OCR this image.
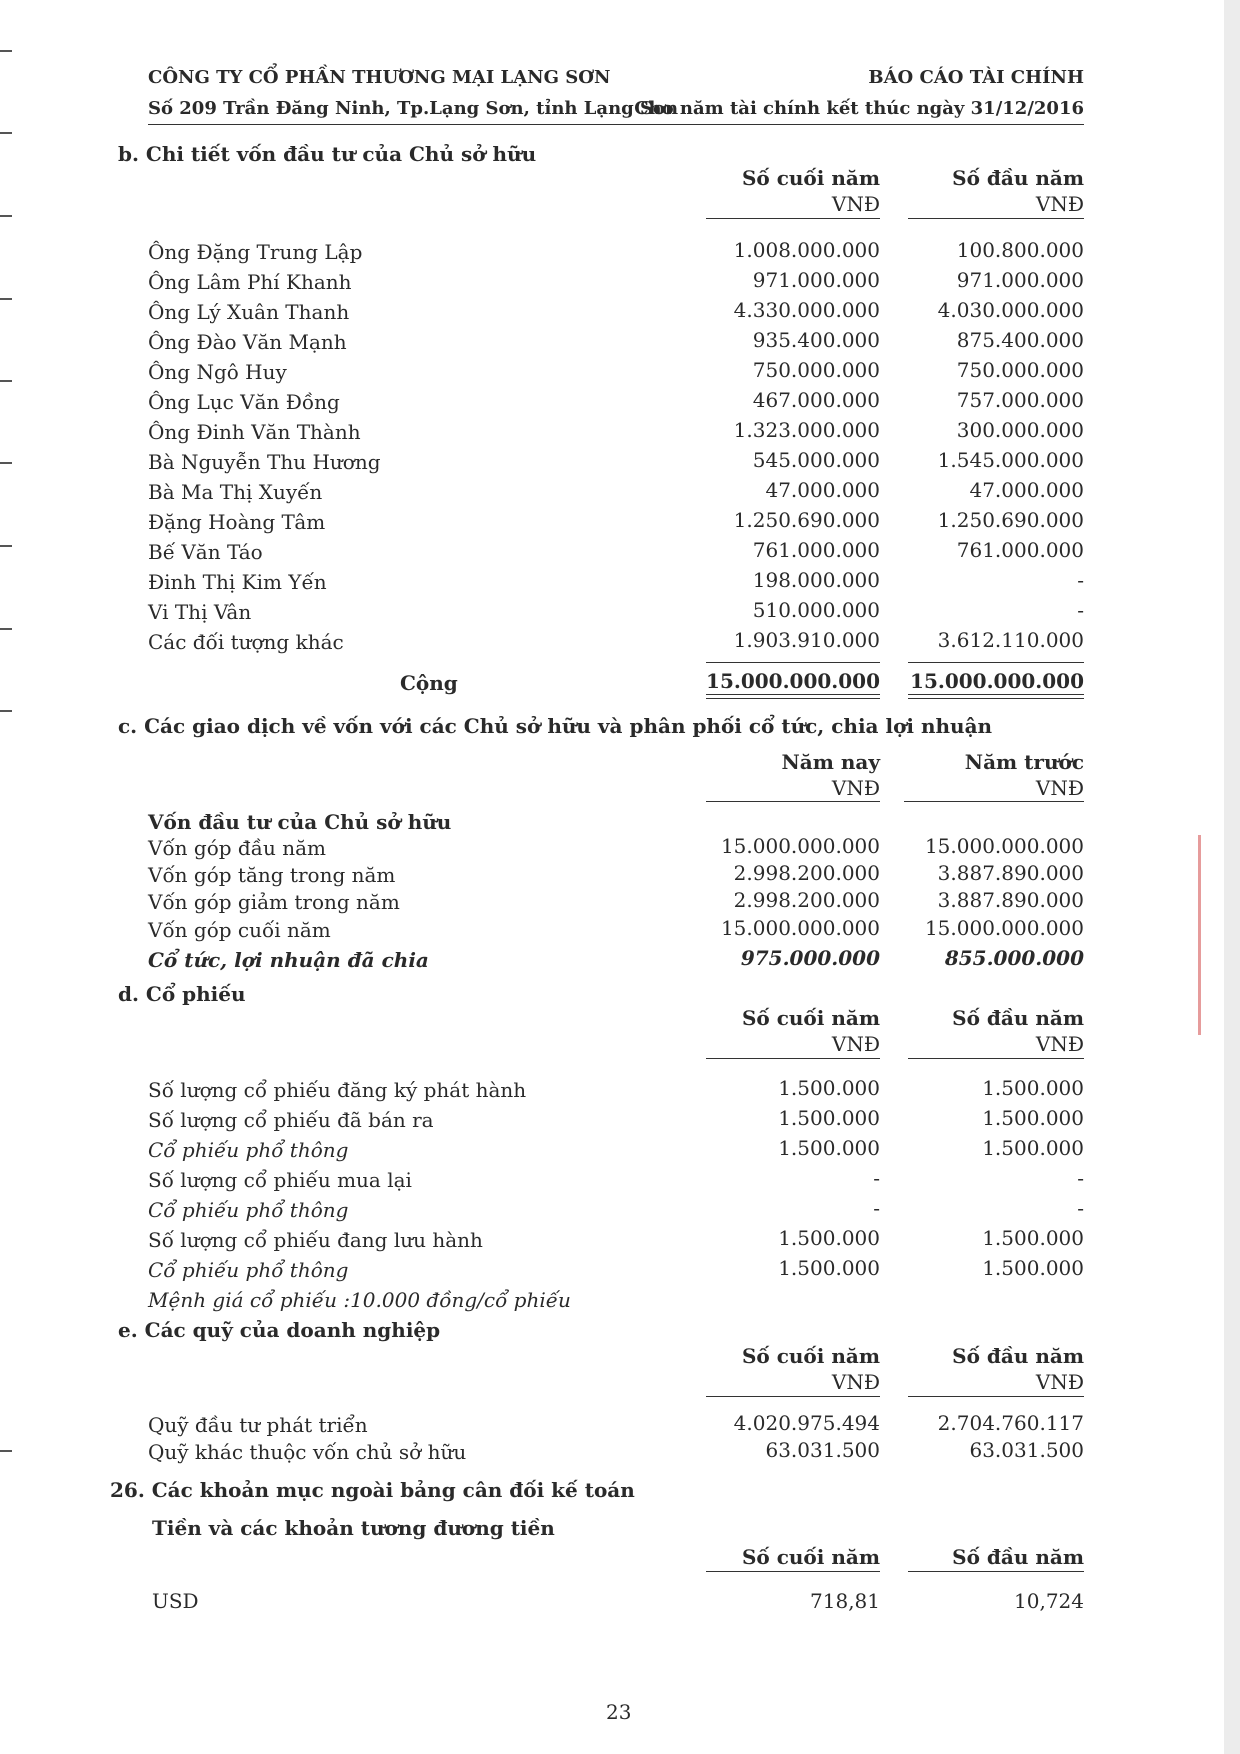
CÔNG TY CỔ PHẦN THƯƠNG MẠI LẠNG SƠN
Số 209 Trần Đăng Ninh, Tp.Lạng Sơn, tỉnh Lạng Sơn
BÁO CÁO TÀI CHÍNH
Cho năm tài chính kết thúc ngày 31/12/2016
b. Chi tiết vốn đầu tư của Chủ sở hữu
Số cuối năm
VNĐ
Số đầu năm
VNĐ
Ông Đặng Trung Lập	1.008.000.000	100.800.000
Ông Lâm Phí Khanh	971.000.000	971.000.000
Ông Lý Xuân Thanh	4.330.000.000	4.030.000.000
Ông Đào Văn Mạnh	935.400.000	875.400.000
Ông Ngô Huy	750.000.000	750.000.000
Ông Lục Văn Đồng	467.000.000	757.000.000
Ông Đinh Văn Thành	1.323.000.000	300.000.000
Bà Nguyễn Thu Hương	545.000.000	1.545.000.000
Bà Ma Thị Xuyến	47.000.000	47.000.000
Đặng Hoàng Tâm	1.250.690.000	1.250.690.000
Bế Văn Táo	761.000.000	761.000.000
Đinh Thị Kim Yến	198.000.000	-
Vi Thị Vân	510.000.000	-
Các đối tượng khác	1.903.910.000	3.612.110.000
Cộng	15.000.000.000 15.000.000.000
c. Các giao dịch về vốn với các Chủ sở hữu và phân phối cổ tức, chia lợi nhuận
Năm nay
VNĐ
Năm trước
VNĐ
Vốn đầu tư của Chủ sở hữu
Vốn góp đầu năm	15.000.000.000 15.000.000.000
Vốn góp tăng trong năm	2.998.200.000	3.887.890.000
Vốn góp giảm trong năm	2.998.200.000	3.887.890.000
Vốn góp cuối năm	15.000.000.000 15.000.000.000
Cổ tức, lợi nhuận đã chia	975.000.000	855.000.000
d. Cổ phiếu
Số cuối năm
VNĐ
Số đầu năm
VNĐ
Số lượng cổ phiếu đăng ký phát hành	1.500.000	1.500.000
Số lượng cổ phiếu đã bán ra	1.500.000	1.500.000
Cổ phiếu phổ thông	1.500.000	1.500.000
Số lượng cổ phiếu mua lại	-	-
Cổ phiếu phổ thông	-	-
Số lượng cổ phiếu đang lưu hành	1.500.000	1.500.000
Cổ phiếu phổ thông	1.500.000	1.500.000
Mệnh giá cổ phiếu :10.000 đồng/cổ phiếu
e. Các quỹ của doanh nghiệp
Số cuối năm
VNĐ
Số đầu năm
VNĐ
Quỹ đầu tư phát triển	4.020.975.494	2.704.760.117
Quỹ khác thuộc vốn chủ sở hữu	63.031.500	63.031.500
26. Các khoản mục ngoài bảng cân đối kế toán
Tiền và các khoản tương đương tiền
Số cuối năm	Số đầu năm
USD	718,81	10,724
23
